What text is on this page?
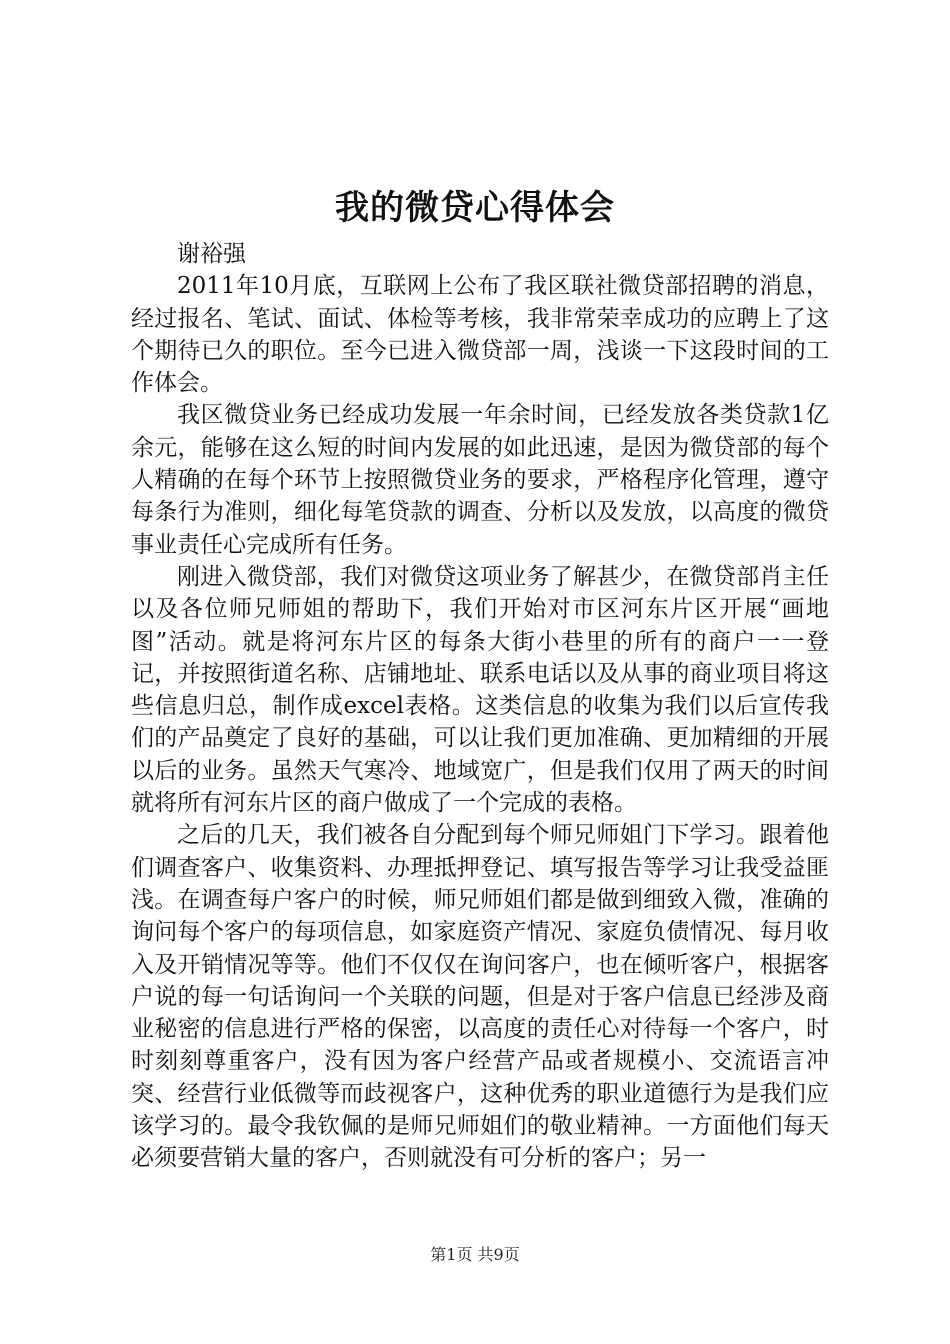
我的微贷心得体会

谢裕强

2011年10月底，互联网上公布了我区联社微贷部招聘的消息，经过报名、笔试、面试、体检等考核，我非常荣幸成功的应聘上了这个期待已久的职位。至今已进入微贷部一周，浅谈一下这段时间的工作体会。

我区微贷业务已经成功发展一年余时间，已经发放各类贷款1亿余元，能够在这么短的时间内发展的如此迅速，是因为微贷部的每个人精确的在每个环节上按照微贷业务的要求，严格程序化管理，遵守每条行为准则，细化每笔贷款的调查、分析以及发放，以高度的微贷事业责任心完成所有任务。

刚进入微贷部，我们对微贷这项业务了解甚少，在微贷部肖主任以及各位师兄师姐的帮助下，我们开始对市区河东片区开展“画地图”活动。就是将河东片区的每条大街小巷里的所有的商户一一登记，并按照街道名称、店铺地址、联系电话以及从事的商业项目将这些信息归总，制作成excel表格。这类信息的收集为我们以后宣传我们的产品奠定了良好的基础，可以让我们更加准确、更加精细的开展以后的业务。虽然天气寒冷、地域宽广，但是我们仅用了两天的时间就将所有河东片区的商户做成了一个完成的表格。

之后的几天，我们被各自分配到每个师兄师姐门下学习。跟着他们调查客户、收集资料、办理抵押登记、填写报告等学习让我受益匪浅。在调查每户客户的时候，师兄师姐们都是做到细致入微，准确的询问每个客户的每项信息，如家庭资产情况、家庭负债情况、每月收入及开销情况等等。他们不仅仅在询问客户，也在倾听客户，根据客户说的每一句话询问一个关联的问题，但是对于客户信息已经涉及商业秘密的信息进行严格的保密，以高度的责任心对待每一个客户，时时刻刻尊重客户，没有因为客户经营产品或者规模小、交流语言冲突、经营行业低微等而歧视客户，这种优秀的职业道德行为是我们应该学习的。最令我钦佩的是师兄师姐们的敬业精神。一方面他们每天必须要营销大量的客户，否则就没有可分析的客户；另一

第1页 共9页
